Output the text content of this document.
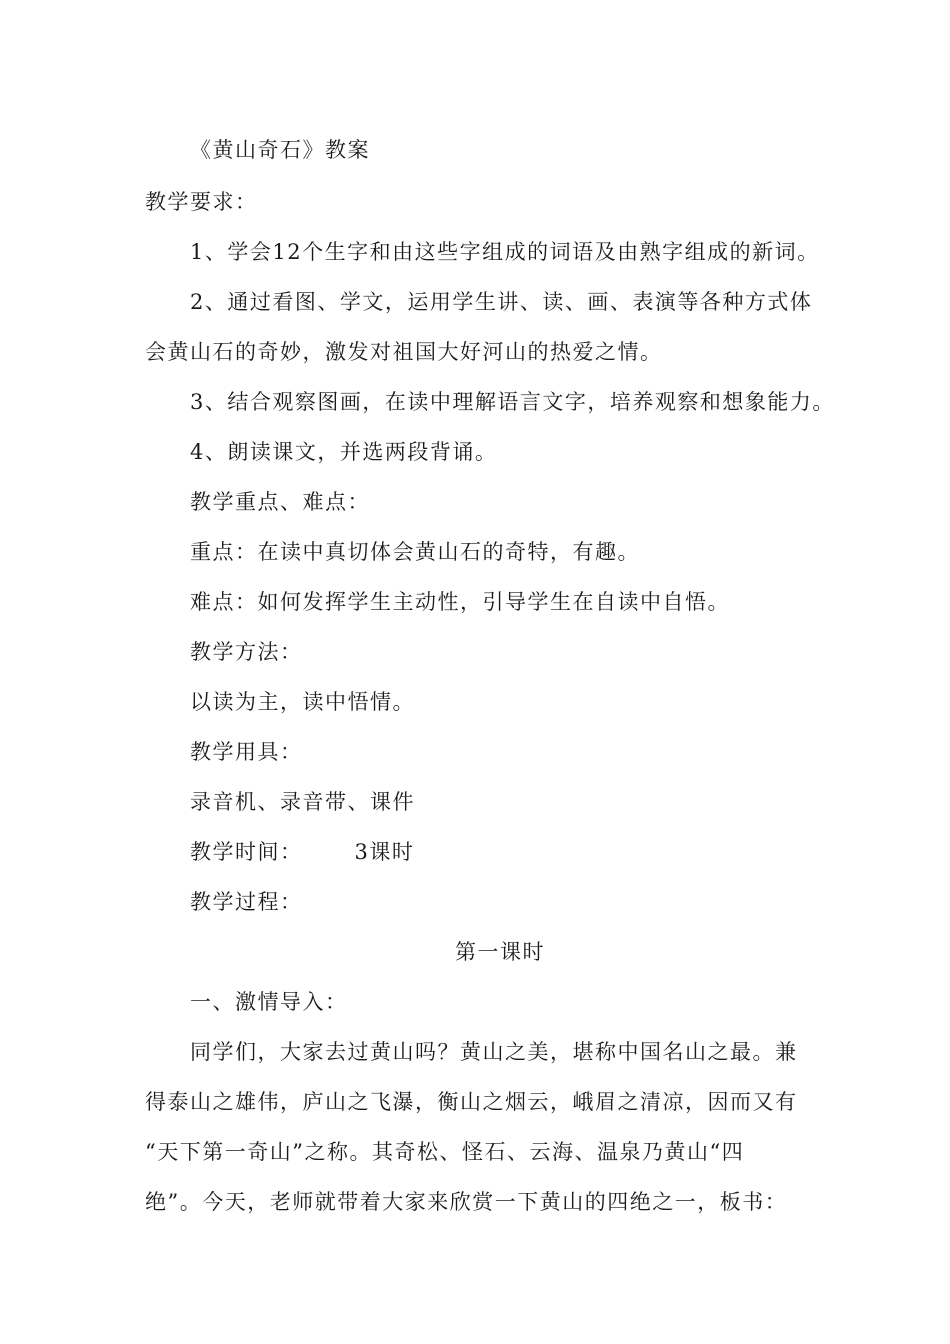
《黄山奇石》教案
教学要求：
1、学会12个生字和由这些字组成的词语及由熟字组成的新词。
2、通过看图、学文，运用学生讲、读、画、表演等各种方式体
会黄山石的奇妙，激发对祖国大好河山的热爱之情。
3、结合观察图画，在读中理解语言文字，培养观察和想象能力。
4、朗读课文，并选两段背诵。
教学重点、难点：
重点：在读中真切体会黄山石的奇特，有趣。
难点：如何发挥学生主动性，引导学生在自读中自悟。
教学方法：
以读为主，读中悟情。
教学用具：
录音机、录音带、课件
教学时间： 3课时
教学过程：
第一课时
一、激情导入：
同学们，大家去过黄山吗？黄山之美，堪称中国名山之最。兼
得泰山之雄伟，庐山之飞瀑，衡山之烟云，峨眉之清凉，因而又有
“天下第一奇山”之称。其奇松、怪石、云海、温泉乃黄山“四
绝”。今天，老师就带着大家来欣赏一下黄山的四绝之一，板书：
